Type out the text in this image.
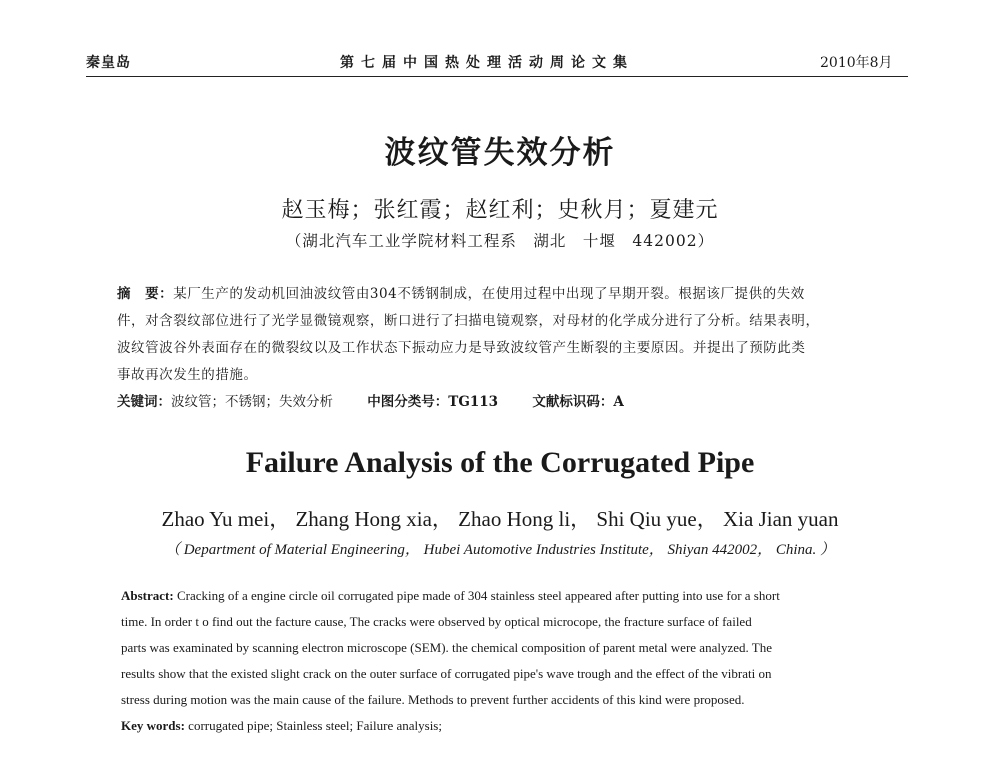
秦皇岛	第七届中国热处理活动周论文集	2010年8月
波纹管失效分析
赵玉梅；张红霞；赵红利；史秋月；夏建元
（湖北汽车工业学院材料工程系　湖北　十堰　442002）
摘　要：某厂生产的发动机回油波纹管由304不锈钢制成，在使用过程中出现了早期开裂。根据该厂提供的失效
件，对含裂纹部位进行了光学显微镜观察，断口进行了扫描电镜观察，对母材的化学成分进行了分析。结果表明，
波纹管波谷外表面存在的微裂纹以及工作状态下振动应力是导致波纹管产生断裂的主要原因。并提出了预防此类
事故再次发生的措施。
关键词：波纹管；不锈钢；失效分析	中图分类号：TG113	文献标识码：A
Failure Analysis of the Corrugated Pipe
Zhao Yu mei， Zhang Hong xia， Zhao Hong li， Shi Qiu yue， Xia Jian yuan
（ Department of Material Engineering， Hubei Automotive Industries Institute， Shiyan 442002， China. ）
Abstract: Cracking of a engine circle oil corrugated pipe made of 304 stainless steel appeared after putting into use for a short
time. In order t o find out the facture cause, The cracks were observed by optical microcope, the fracture surface of failed
parts was examinated by scanning electron microscope (SEM). the chemical composition of parent metal were analyzed. The
results show that the existed slight crack on the outer surface of corrugated pipe's wave trough and the effect of the vibrati on
stress during motion was the main cause of the failure. Methods to prevent further accidents of this kind were proposed.
Key words: corrugated pipe; Stainless steel; Failure analysis;
